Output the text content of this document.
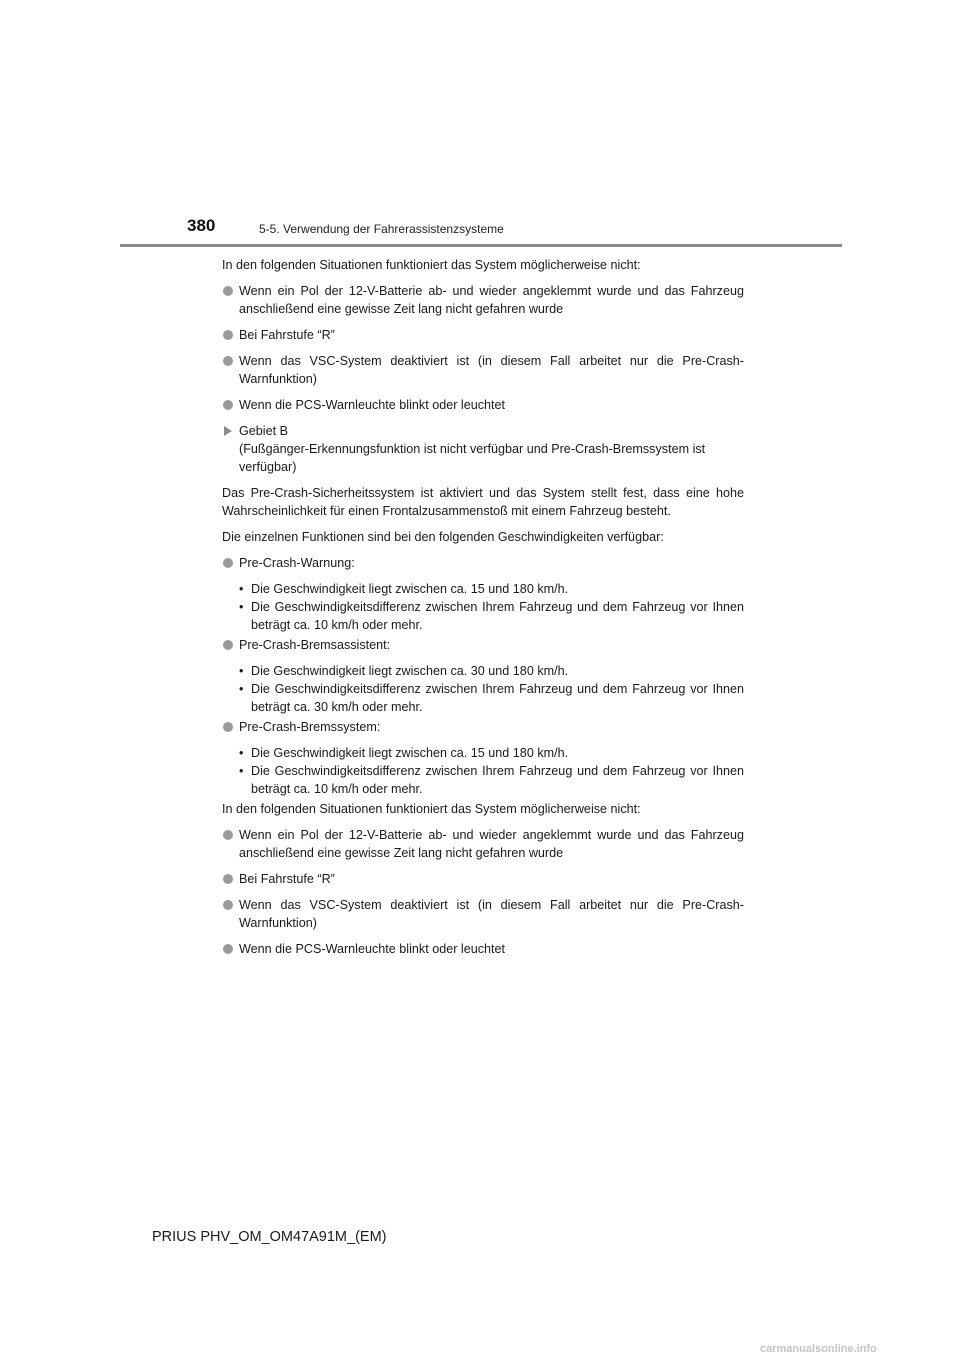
380	5-5. Verwendung der Fahrerassistenzsysteme

In den folgenden Situationen funktioniert das System möglicherweise nicht:

Wenn ein Pol der 12-V-Batterie ab- und wieder angeklemmt wurde und das Fahrzeug anschließend eine gewisse Zeit lang nicht gefahren wurde
Bei Fahrstufe “R”
Wenn das VSC-System deaktiviert ist (in diesem Fall arbeitet nur die Pre-Crash-Warnfunktion)
Wenn die PCS-Warnleuchte blinkt oder leuchtet
Gebiet B
(Fußgänger-Erkennungsfunktion ist nicht verfügbar und Pre-Crash-Bremssystem ist verfügbar)

Das Pre-Crash-Sicherheitssystem ist aktiviert und das System stellt fest, dass eine hohe Wahrscheinlichkeit für einen Frontalzusammenstoß mit einem Fahrzeug besteht.

Die einzelnen Funktionen sind bei den folgenden Geschwindigkeiten verfügbar:

Pre-Crash-Warnung:
• Die Geschwindigkeit liegt zwischen ca. 15 und 180 km/h.
• Die Geschwindigkeitsdifferenz zwischen Ihrem Fahrzeug und dem Fahrzeug vor Ihnen beträgt ca. 10 km/h oder mehr.
Pre-Crash-Bremsassistent:
• Die Geschwindigkeit liegt zwischen ca. 30 und 180 km/h.
• Die Geschwindigkeitsdifferenz zwischen Ihrem Fahrzeug und dem Fahrzeug vor Ihnen beträgt ca. 30 km/h oder mehr.
Pre-Crash-Bremssystem:
• Die Geschwindigkeit liegt zwischen ca. 15 und 180 km/h.
• Die Geschwindigkeitsdifferenz zwischen Ihrem Fahrzeug und dem Fahrzeug vor Ihnen beträgt ca. 10 km/h oder mehr.

In den folgenden Situationen funktioniert das System möglicherweise nicht:

Wenn ein Pol der 12-V-Batterie ab- und wieder angeklemmt wurde und das Fahrzeug anschließend eine gewisse Zeit lang nicht gefahren wurde
Bei Fahrstufe “R”
Wenn das VSC-System deaktiviert ist (in diesem Fall arbeitet nur die Pre-Crash-Warnfunktion)
Wenn die PCS-Warnleuchte blinkt oder leuchtet
PRIUS PHV_OM_OM47A91M_(EM)
carmanualsonline.info
